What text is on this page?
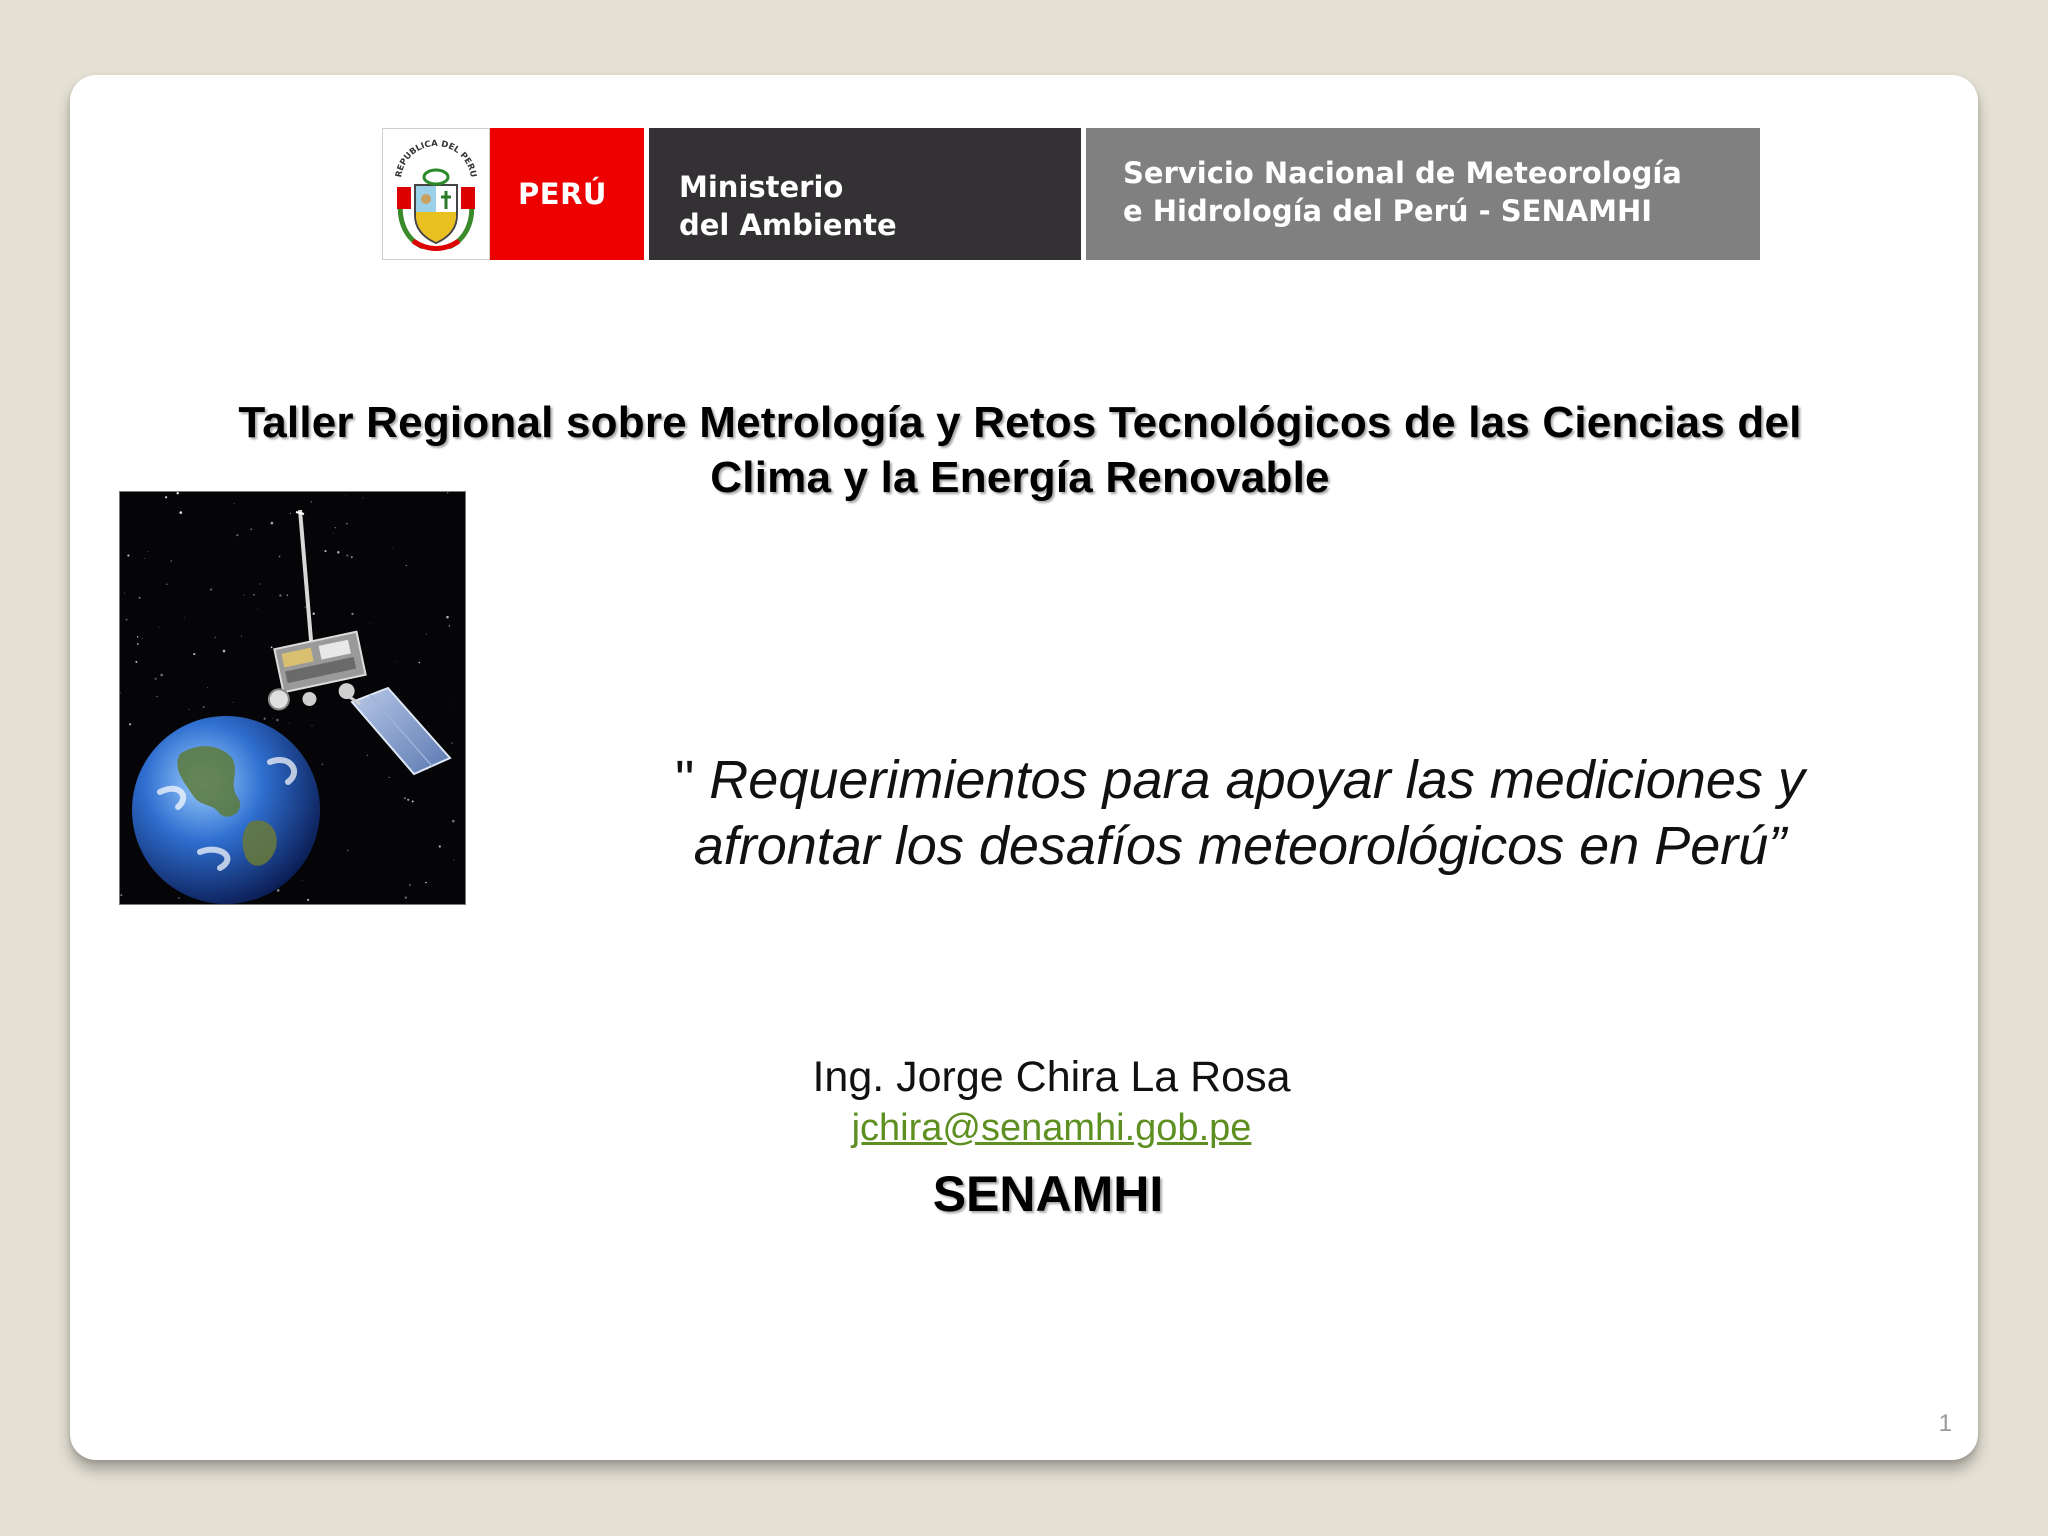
REPUBLICA DEL PERU
PERÚ	Ministerio
del Ambiente
Servicio Nacional de Meteorología
e Hidrología del Perú - SENAMHI
Taller Regional sobre Metrología y Retos Tecnológicos de las Ciencias del
Clima y la Energía Renovable
" Requerimientos para apoyar las mediciones y
afrontar los desafíos meteorológicos en Perú”
Ing. Jorge Chira La Rosa
jchira@senamhi.gob.pe
SENAMHI
1
